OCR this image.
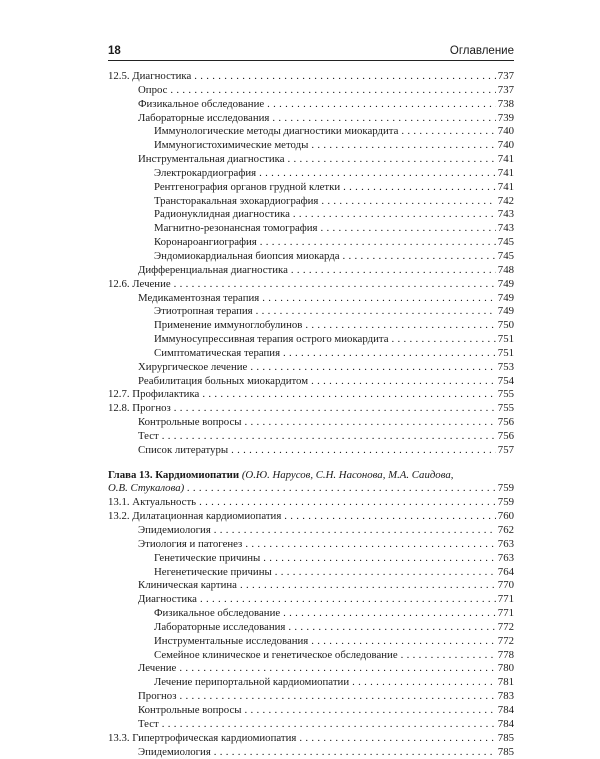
18	Оглавление
12.5. Диагностика	737
. . .
Опрос	737
. . .
Физикальное обследование	738
. . .
Лабораторные исследования	739
. . .
Иммунологические методы диагностики миокардита	740
. . .
Иммуногистохимические методы	740
. . .
Инструментальная диагностика	741
. . .
Электрокардиография	741
. . .
Рентгенография органов грудной клетки	741
. . .
Трансторакальная эхокардиография	742
. . .
Радионуклидная диагностика	743
. . .
Магнитно-резонансная томография	743
. . .
Коронароангиография	745
. . .
Эндомиокардиальная биопсия миокарда	745
. . .
Дифференциальная диагностика	748
. . .
12.6. Лечение	749
. . .
Медикаментозная терапия	749
. . .
Этиотропная терапия	749
. . .
Применение иммуноглобулинов	750
. . .
Иммуносупрессивная терапия острого миокардита	751
. . .
Симптоматическая терапия	751
. . .
Хирургическое лечение	753
. . .
Реабилитация больных миокардитом	754
. . .
12.7. Профилактика	755
. . .
12.8. Прогноз	755
. . .
Контрольные вопросы	756
. . .
Тест	756
. . .
Список литературы	757
. . .
Глава 13. Кардиомиопатии (О.Ю. Нарусов, С.Н. Насонова, М.А. Саидова,
О.В. Стукалова)	759
. . .
13.1. Актуальность	759
. . .
13.2. Дилатационная кардиомиопатия	760
. . .
Эпидемиология	762
. . .
Этиология и патогенез	763
. . .
Генетические причины	763
. . .
Негенетические причины	764
. . .
Клиническая картина	770
. . .
Диагностика	771
. . .
Физикальное обследование	771
. . .
Лабораторные исследования	772
. . .
Инструментальные исследования	772
. . .
Семейное клиническое и генетическое обследование	778
. . .
Лечение	780
. . .
Лечение перипортальной кардиомиопатии	781
. . .
Прогноз	783
. . .
Контрольные вопросы	784
. . .
Тест	784
. . .
13.3. Гипертрофическая кардиомиопатия	785
. . .
Эпидемиология	785
. . .
